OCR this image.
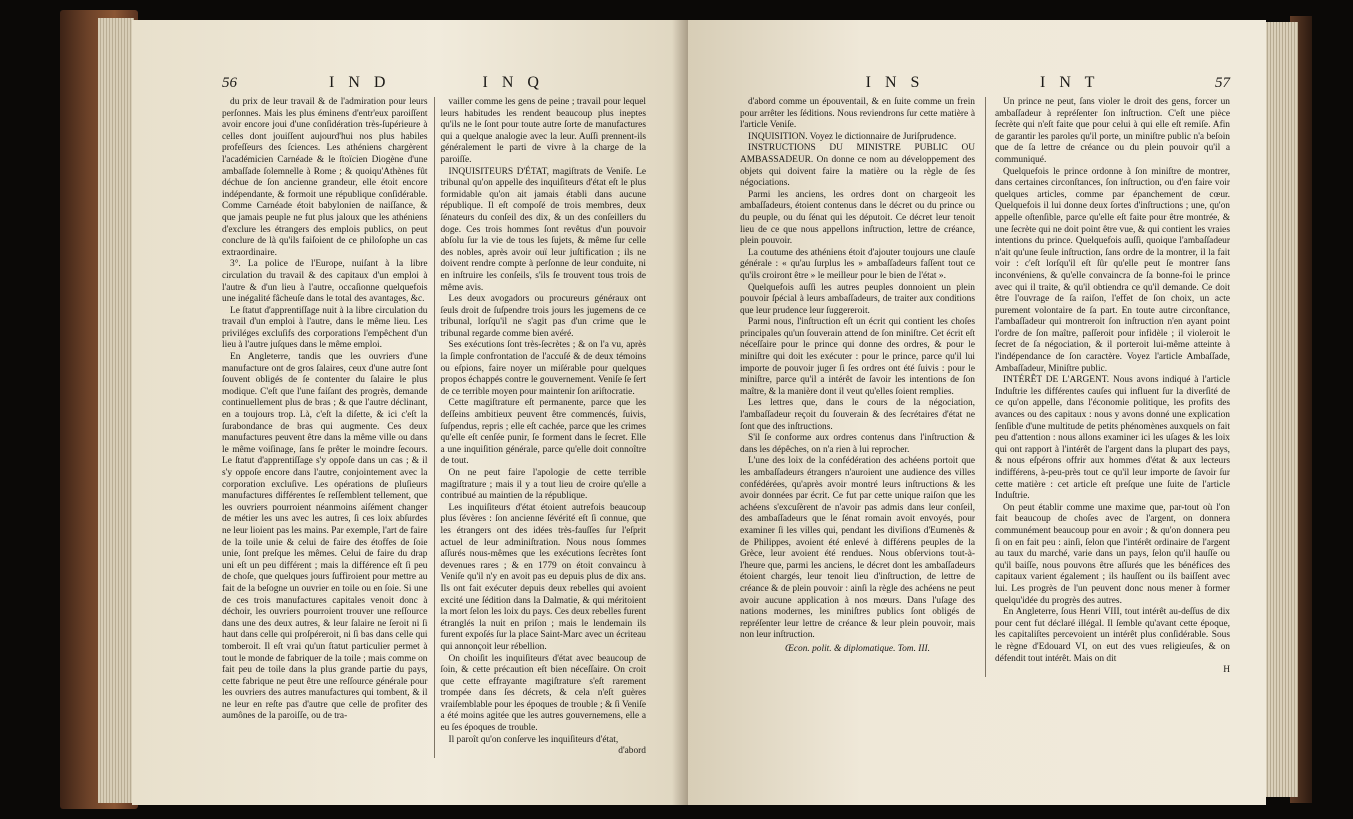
56	I N D	I N Q

du prix de leur travail & de l'admiration pour leurs perſonnes. Mais les plus éminens d'entr'eux paroiſſent avoir encore joui d'une conſidération très-ſupérieure à celles dont jouiſſent aujourd'hui nos plus habiles profeſſeurs des ſciences. Les athéniens chargèrent l'académicien Carnéade & le ſtoïcien Diogène d'une ambaſſade ſolemnelle à Rome ; & quoiqu'Athènes fût déchue de ſon ancienne grandeur, elle étoit encore indépendante, & formoit une république conſidérable. Comme Carnéade étoit babylonien de naiſſance, & que jamais peuple ne fut plus jaloux que les athéniens d'exclure les étrangers des emplois publics, on peut conclure de là qu'ils faiſoient de ce philoſophe un cas extraordinaire.

3°. La police de l'Europe, nuiſant à la libre circulation du travail & des capitaux d'un emploi à l'autre & d'un lieu à l'autre, occaſionne quelquefois une inégalité fâcheuſe dans le total des avantages, &c.

Le ſtatut d'apprentiſſage nuit à la libre circulation du travail d'un emploi à l'autre, dans le même lieu. Les priviléges excluſifs des corporations l'empêchent d'un lieu à l'autre juſques dans le même emploi.

En Angleterre, tandis que les ouvriers d'une manufacture ont de gros ſalaires, ceux d'une autre ſont ſouvent obligés de ſe contenter du ſalaire le plus modique. C'eſt que l'une faiſant des progrès, demande continuellement plus de bras ; & que l'autre déclinant, en a toujours trop. Là, c'eſt la diſette, & ici c'eſt la ſurabondance de bras qui augmente. Ces deux manufactures peuvent être dans la même ville ou dans le même voiſinage, ſans ſe prêter le moindre ſecours. Le ſtatut d'apprentiſſage s'y oppoſe dans un cas ; & il s'y oppoſe encore dans l'autre, conjointement avec la corporation excluſive. Les opérations de pluſieurs manufactures différentes ſe reſſemblent tellement, que les ouvriers pourroient néanmoins aiſément changer de métier les uns avec les autres, ſi ces loix abſurdes ne leur lioient pas les mains. Par exemple, l'art de faire de la toile unie & celui de faire des étoffes de ſoie unie, ſont preſque les mêmes. Celui de faire du drap uni eſt un peu différent ; mais la différence eſt ſi peu de choſe, que quelques jours ſuffiroient pour mettre au fait de la beſogne un ouvrier en toile ou en ſoie. Si une de ces trois manufactures capitales venoit donc à déchoir, les ouvriers pourroient trouver une reſſource dans une des deux autres, & leur ſalaire ne ſeroit ni ſi haut dans celle qui proſpéreroit, ni ſi bas dans celle qui tomberoit. Il eſt vrai qu'un ſtatut particulier permet à tout le monde de fabriquer de la toile ; mais comme on fait peu de toile dans la plus grande partie du pays, cette fabrique ne peut être une reſſource générale pour les ouvriers des autres manufactures qui tombent, & il ne leur en reſte pas d'autre que celle de profiter des aumônes de la paroiſſe, ou de tra-

vailler comme les gens de peine ; travail pour lequel leurs habitudes les rendent beaucoup plus ineptes qu'ils ne le ſont pour toute autre ſorte de manufactures qui a quelque analogie avec la leur. Auſſi prennent-ils généralement le parti de vivre à la charge de la paroiſſe.

INQUISITEURS D'ÉTAT, magiſtrats de Veniſe. Le tribunal qu'on appelle des inquiſiteurs d'état eſt le plus formidable qu'on ait jamais établi dans aucune république. Il eſt compoſé de trois membres, deux ſénateurs du conſeil des dix, & un des conſeillers du doge. Ces trois hommes ſont revêtus d'un pouvoir abſolu ſur la vie de tous les ſujets, & même ſur celle des nobles, après avoir ouï leur juſtification ; ils ne doivent rendre compte à perſonne de leur conduite, ni en inſtruire les conſeils, s'ils ſe trouvent tous trois de même avis.

Les deux avogadors ou procureurs généraux ont ſeuls droit de ſuſpendre trois jours les jugemens de ce tribunal, lorſqu'il ne s'agit pas d'un crime que le tribunal regarde comme bien avéré.

Ses exécutions ſont très-ſecrètes ; & on l'a vu, après la ſimple confrontation de l'accuſé & de deux témoins ou eſpions, faire noyer un miſérable pour quelques propos échappés contre le gouvernement. Veniſe ſe ſert de ce terrible moyen pour maintenir ſon ariſtocratie.

Cette magiſtrature eſt permanente, parce que les deſſeins ambitieux peuvent être commencés, ſuivis, ſuſpendus, repris ; elle eſt cachée, parce que les crimes qu'elle eſt cenſée punir, ſe forment dans le ſecret. Elle a une inquiſition générale, parce qu'elle doit connoître de tout.

On ne peut faire l'apologie de cette terrible magiſtrature ; mais il y a tout lieu de croire qu'elle a contribué au maintien de la république.

Les inquiſiteurs d'état étoient autrefois beaucoup plus ſévères : ſon ancienne ſévérité eſt ſi connue, que les étrangers ont des idées très-fauſſes ſur l'eſprit actuel de leur adminiſtration. Nous nous ſommes aſſurés nous-mêmes que les exécutions ſecrètes ſont devenues rares ; & en 1779 on étoit convaincu à Veniſe qu'il n'y en avoit pas eu depuis plus de dix ans. Ils ont fait exécuter depuis deux rebelles qui avoient excité une ſédition dans la Dalmatie, & qui méritoient la mort ſelon les loix du pays. Ces deux rebelles furent étranglés la nuit en priſon ; mais le lendemain ils furent expoſés ſur la place Saint-Marc avec un écriteau qui annonçoit leur rébellion.

On choiſit les inquiſiteurs d'état avec beaucoup de ſoin, & cette précaution eſt bien néceſſaire. On croit que cette effrayante magiſtrature s'eſt rarement trompée dans ſes décrets, & cela n'eſt guères vraiſemblable pour les époques de trouble ; & ſi Veniſe a été moins agitée que les autres gouvernemens, elle a eu ſes époques de trouble.

Il paroît qu'on conſerve les inquiſiteurs d'état,

d'abord
I N S	I N T	57

d'abord comme un épouventail, & en ſuite comme un frein pour arrêter les ſéditions. Nous reviendrons ſur cette matière à l'article Veniſe.

INQUISITION. Voyez le dictionnaire de Juriſprudence.

INSTRUCTIONS DU MINISTRE PUBLIC OU AMBASSADEUR. On donne ce nom au développement des objets qui doivent faire la matière ou la règle de ſes négociations.

Parmi les anciens, les ordres dont on chargeoit les ambaſſadeurs, étoient contenus dans le décret ou du prince ou du peuple, ou du ſénat qui les députoit. Ce décret leur tenoit lieu de ce que nous appellons inſtruction, lettre de créance, plein pouvoir.

La coutume des athéniens étoit d'ajouter toujours une clauſe générale : « qu'au ſurplus les » ambaſſadeurs faſſent tout ce qu'ils croiront être » le meilleur pour le bien de l'état ».

Quelquefois auſſi les autres peuples donnoient un plein pouvoir ſpécial à leurs ambaſſadeurs, de traiter aux conditions que leur prudence leur ſuggereroit.

Parmi nous, l'inſtruction eſt un écrit qui contient les choſes principales qu'un ſouverain attend de ſon miniſtre. Cet écrit eſt néceſſaire pour le prince qui donne des ordres, & pour le miniſtre qui doit les exécuter : pour le prince, parce qu'il lui importe de pouvoir juger ſi ſes ordres ont été ſuivis : pour le miniſtre, parce qu'il a intérêt de ſavoir les intentions de ſon maître, & la manière dont il veut qu'elles ſoient remplies.

Les lettres que, dans le cours de la négociation, l'ambaſſadeur reçoit du ſouverain & des ſecrétaires d'état ne ſont que des inſtructions.

S'il ſe conforme aux ordres contenus dans l'inſtruction & dans les dépêches, on n'a rien à lui reprocher.

L'une des loix de la confédération des achéens portoit que les ambaſſadeurs étrangers n'auroient une audience des villes confédérées, qu'après avoir montré leurs inſtructions & les avoir données par écrit. Ce fut par cette unique raiſon que les achéens s'excuſèrent de n'avoir pas admis dans leur conſeil, des ambaſſadeurs que le ſénat romain avoit envoyés, pour examiner ſi les villes qui, pendant les diviſions d'Eumenès & de Philippes, avoient été enlevé à différens peuples de la Grèce, leur avoient été rendues. Nous obſervions tout-à-l'heure que, parmi les anciens, le décret dont les ambaſſadeurs étoient chargés, leur tenoit lieu d'inſtruction, de lettre de créance & de plein pouvoir : ainſi la règle des achéens ne peut avoir aucune application à nos mœurs. Dans l'uſage des nations modernes, les miniſtres publics ſont obligés de repréſenter leur lettre de créance & leur plein pouvoir, mais non leur inſtruction.

Œcon. polit. & diplomatique. Tom. III.

Un prince ne peut, ſans violer le droit des gens, forcer un ambaſſadeur à repréſenter ſon inſtruction. C'eſt une pièce ſecrète qui n'eſt faite que pour celui à qui elle eſt remiſe. Afin de garantir les paroles qu'il porte, un miniſtre public n'a beſoin que de ſa lettre de créance ou du plein pouvoir qu'il a communiqué.

Quelquefois le prince ordonne à ſon miniſtre de montrer, dans certaines circonſtances, ſon inſtruction, ou d'en faire voir quelques articles, comme par épanchement de cœur. Quelquefois il lui donne deux ſortes d'inſtructions ; une, qu'on appelle oſtenſible, parce qu'elle eſt faite pour être montrée, & une ſecrète qui ne doit point être vue, & qui contient les vraies intentions du prince. Quelquefois auſſi, quoique l'ambaſſadeur n'ait qu'une ſeule inſtruction, ſans ordre de la montrer, il la fait voir : c'eſt lorſqu'il eſt ſûr qu'elle peut ſe montrer ſans inconvéniens, & qu'elle convaincra de ſa bonne-foi le prince avec qui il traite, & qu'il obtiendra ce qu'il demande. Ce doit être l'ouvrage de ſa raiſon, l'effet de ſon choix, un acte purement volontaire de ſa part. En toute autre circonſtance, l'ambaſſadeur qui montreroit ſon inſtruction n'en ayant point l'ordre de ſon maître, paſſeroit pour infidèle ; il violeroit le ſecret de ſa négociation, & il porteroit lui-même atteinte à l'indépendance de ſon caractère. Voyez l'article Ambaſſade, Ambaſſadeur, Miniſtre public.

INTÉRÊT DE L'ARGENT. Nous avons indiqué à l'article Induſtrie les différentes cauſes qui influent ſur la diverſité de ce qu'on appelle, dans l'économie politique, les profits des avances ou des capitaux : nous y avons donné une explication ſenſible d'une multitude de petits phénomènes auxquels on fait peu d'attention : nous allons examiner ici les uſages & les loix qui ont rapport à l'intérêt de l'argent dans la plupart des pays, & nous eſpérons offrir aux hommes d'état & aux lecteurs indifférens, à-peu-près tout ce qu'il leur importe de ſavoir ſur cette matière : cet article eſt preſque une ſuite de l'article Induſtrie.

On peut établir comme une maxime que, par-tout où l'on fait beaucoup de choſes avec de l'argent, on donnera communément beaucoup pour en avoir ; & qu'on donnera peu ſi on en fait peu : ainſi, ſelon que l'intérêt ordinaire de l'argent au taux du marché, varie dans un pays, ſelon qu'il hauſſe ou qu'il baiſſe, nous pouvons être aſſurés que les bénéfices des capitaux varient également ; ils hauſſent ou ils baiſſent avec lui. Les progrès de l'un peuvent donc nous mener à former quelqu'idée du progrès des autres.

En Angleterre, ſous Henri VIII, tout intérêt au-deſſus de dix pour cent fut déclaré illégal. Il ſemble qu'avant cette époque, les capitaliſtes percevoient un intérêt plus conſidérable. Sous le règne d'Edouard VI, on eut des vues religieuſes, & on défendit tout intérêt. Mais on dit

H
